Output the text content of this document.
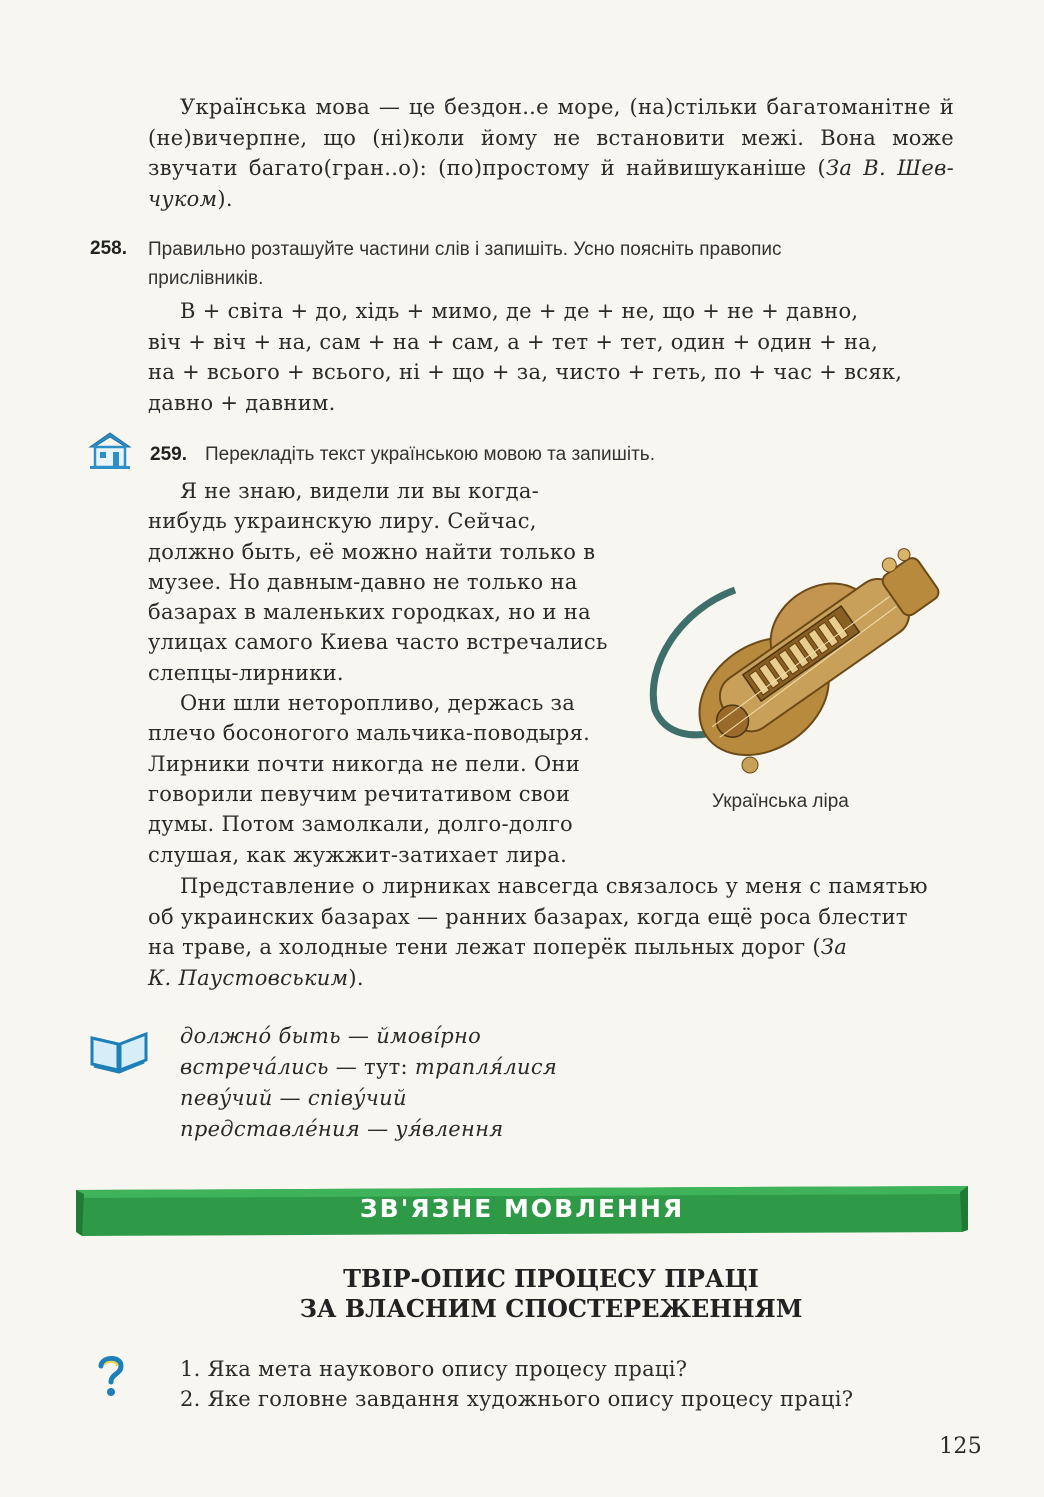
Українська мова — це бездон..е море, (на)стільки багатоманітне й (не)вичерпне, що (ні)коли йому не встановити межі. Вона може звучати багато(гран..о): (по)простому й найвишуканіше (За В. Шев- чуком).
258. Правильно розташуйте частини слів і запишіть. Усно поясніть правопис
прислівників.
В + світа + до, хідь + мимо, де + де + не, що + не + давно,
віч + віч + на, сам + на + сам, а + тет + тет, один + один + на,
на + всього + всього, ні + що + за, чисто + геть, по + час + всяк,
давно + давним.
259. Перекладіть текст українською мовою та запишіть.
Я не знаю, видели ли вы когда-
нибудь украинскую лиру. Сейчас,
должно быть, её можно найти только в
музее. Но давным-давно не только на
базарах в маленьких городках, но и на
улицах самого Киева часто встречались
слепцы-лирники.
Они шли неторопливо, держась за
плечо босоногого мальчика-поводыря.
Лирники почти никогда не пели. Они
говорили певучим речитативом свои
думы. Потом замолкали, долго-долго
слушая, как жужжит-затихает лира.
Українська ліра
Представление о лирниках навсегда связалось у меня с памятью
об украинских базарах — ранних базарах, когда ещё роса блестит
на траве, а холодные тени лежат поперёк пыльных дорог (За
К. Паустовським).
должно́ быть — ймові́рно
встреча́лись — тут: трапля́лися
певу́чий — співу́чий
представле́ния — уя́влення
ЗВ'ЯЗНЕ МОВЛЕННЯ
ТВІР-ОПИС ПРОЦЕСУ ПРАЦІ
ЗА ВЛАСНИМ СПОСТЕРЕЖЕННЯМ
1. Яка мета наукового опису процесу праці?
2. Яке головне завдання художнього опису процесу праці?
125
